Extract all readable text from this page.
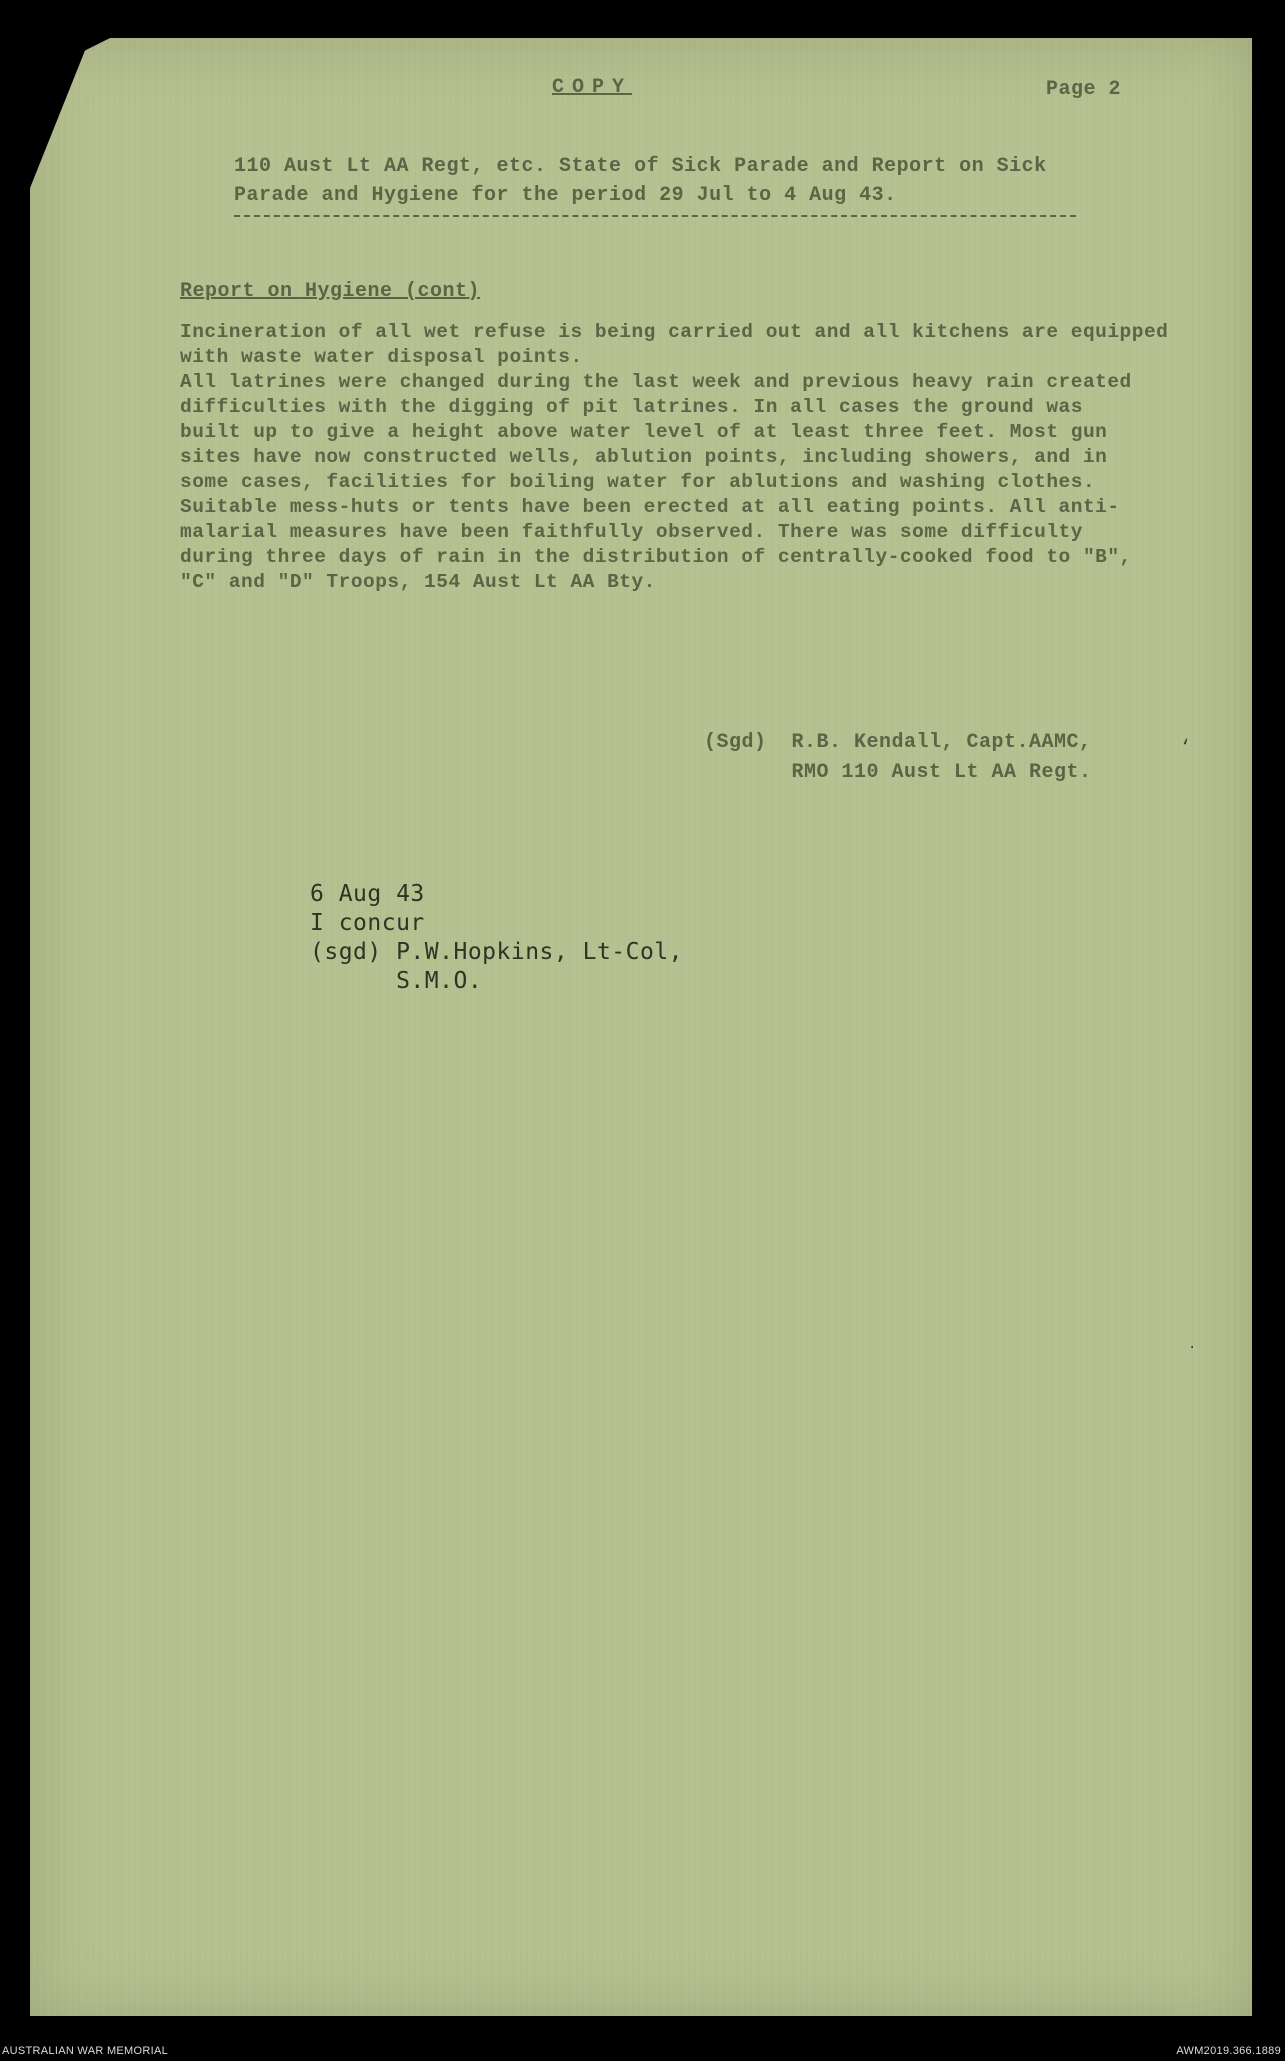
COPY	Page 2
110 Aust Lt AA Regt, etc. State of Sick Parade and Report on Sick
Parade and Hygiene for the period 29 Jul to 4 Aug 43.
Report on Hygiene (cont)
Incineration of all wet refuse is being carried out and all kitchens are equipped
with waste water disposal points.
All latrines were changed during the last week and previous heavy rain created
difficulties with the digging of pit latrines. In all cases the ground was
built up to give a height above water level of at least three feet. Most gun
sites have now constructed wells, ablution points, including showers, and in
some cases, facilities for boiling water for ablutions and washing clothes.
Suitable mess-huts or tents have been erected at all eating points. All anti-
malarial measures have been faithfully observed. There was some difficulty
during three days of rain in the distribution of centrally-cooked food to "B",
"C" and "D" Troops, 154 Aust Lt AA Bty.
(Sgd)  R.B. Kendall, Capt.AAMC,
RMO 110 Aust Lt AA Regt.
6 Aug 43
I concur
(sgd) P.W.Hopkins, Lt-Col,
S.M.O.
‘
·
AUSTRALIAN WAR MEMORIAL	AWM2019.366.1889
